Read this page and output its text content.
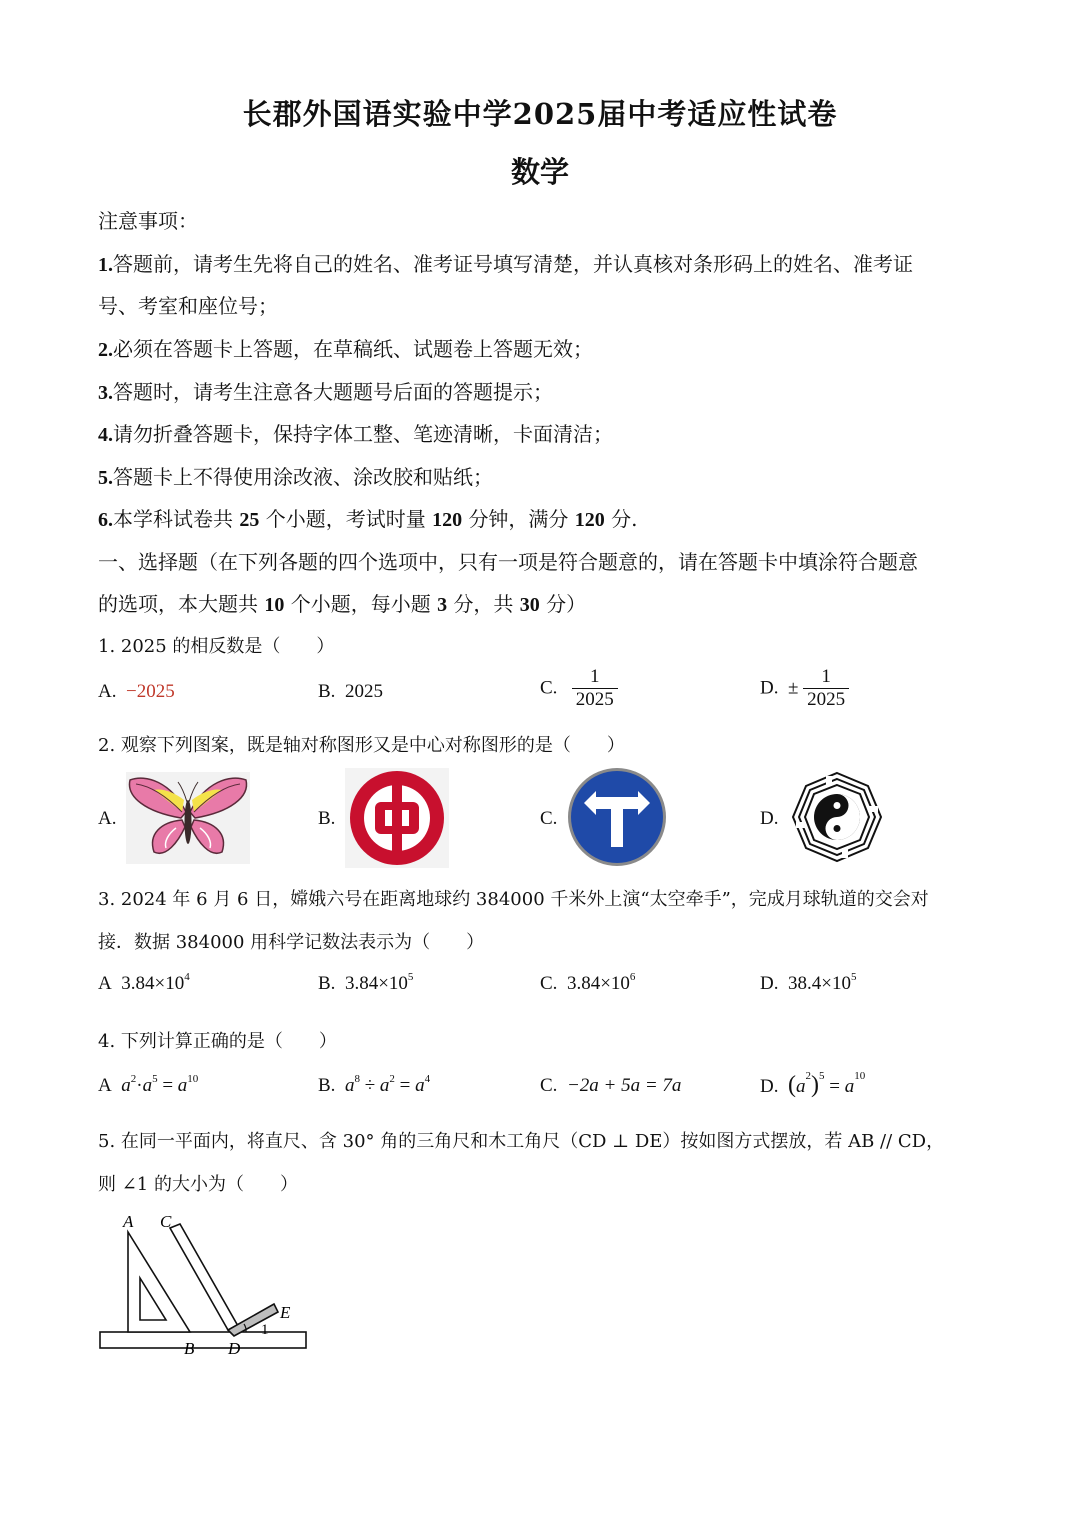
长郡外国语实验中学2025届中考适应性试卷
数学
注意事项：
1.答题前，请考生先将自己的姓名、准考证号填写清楚，并认真核对条形码上的姓名、准考证
号、考室和座位号；
2.必须在答题卡上答题，在草稿纸、试题卷上答题无效；
3.答题时，请考生注意各大题题号后面的答题提示；
4.请勿折叠答题卡，保持字体工整、笔迹清晰，卡面清洁；
5.答题卡上不得使用涂改液、涂改胶和贴纸；
6.本学科试卷共 25 个小题，考试时量 120 分钟，满分 120 分.
一、选择题（在下列各题的四个选项中，只有一项是符合题意的，请在答题卡中填涂符合题意
的选项，本大题共 10 个小题，每小题 3 分，共 30 分）
1. 2025 的相反数是（　　）
A. −2025	B. 2025	C. $\frac{1}{2025}$	D. ± $\frac{1}{2025}$
2. 观察下列图案，既是轴对称图形又是中心对称图形的是（　　）
A.	B.	C.	D.
3. 2024 年 6 月 6 日，嫦娥六号在距离地球约 384000 千米外上演“太空牵手”，完成月球轨道的交会对
接．数据 384000 用科学记数法表示为（　　）
A $3.84\times 10^4$	B. $3.84\times 10^5$	C. $3.84\times 10^6$	D. $38.4\times 10^5$
4. 下列计算正确的是（　　）
A $a^2\cdot a^5 = a^{10}$	B. $a^8 \div a^2 = a^4$	C. −2a + 5a = 7a	D. $(a^2)^5 = a^{10}$
5. 在同一平面内，将直尺、含 30° 角的三角尺和木工角尺（CD ⊥ DE）按如图方式摆放，若 AB // CD，
则 ∠1 的大小为（　　）
A C
E
1
B D
